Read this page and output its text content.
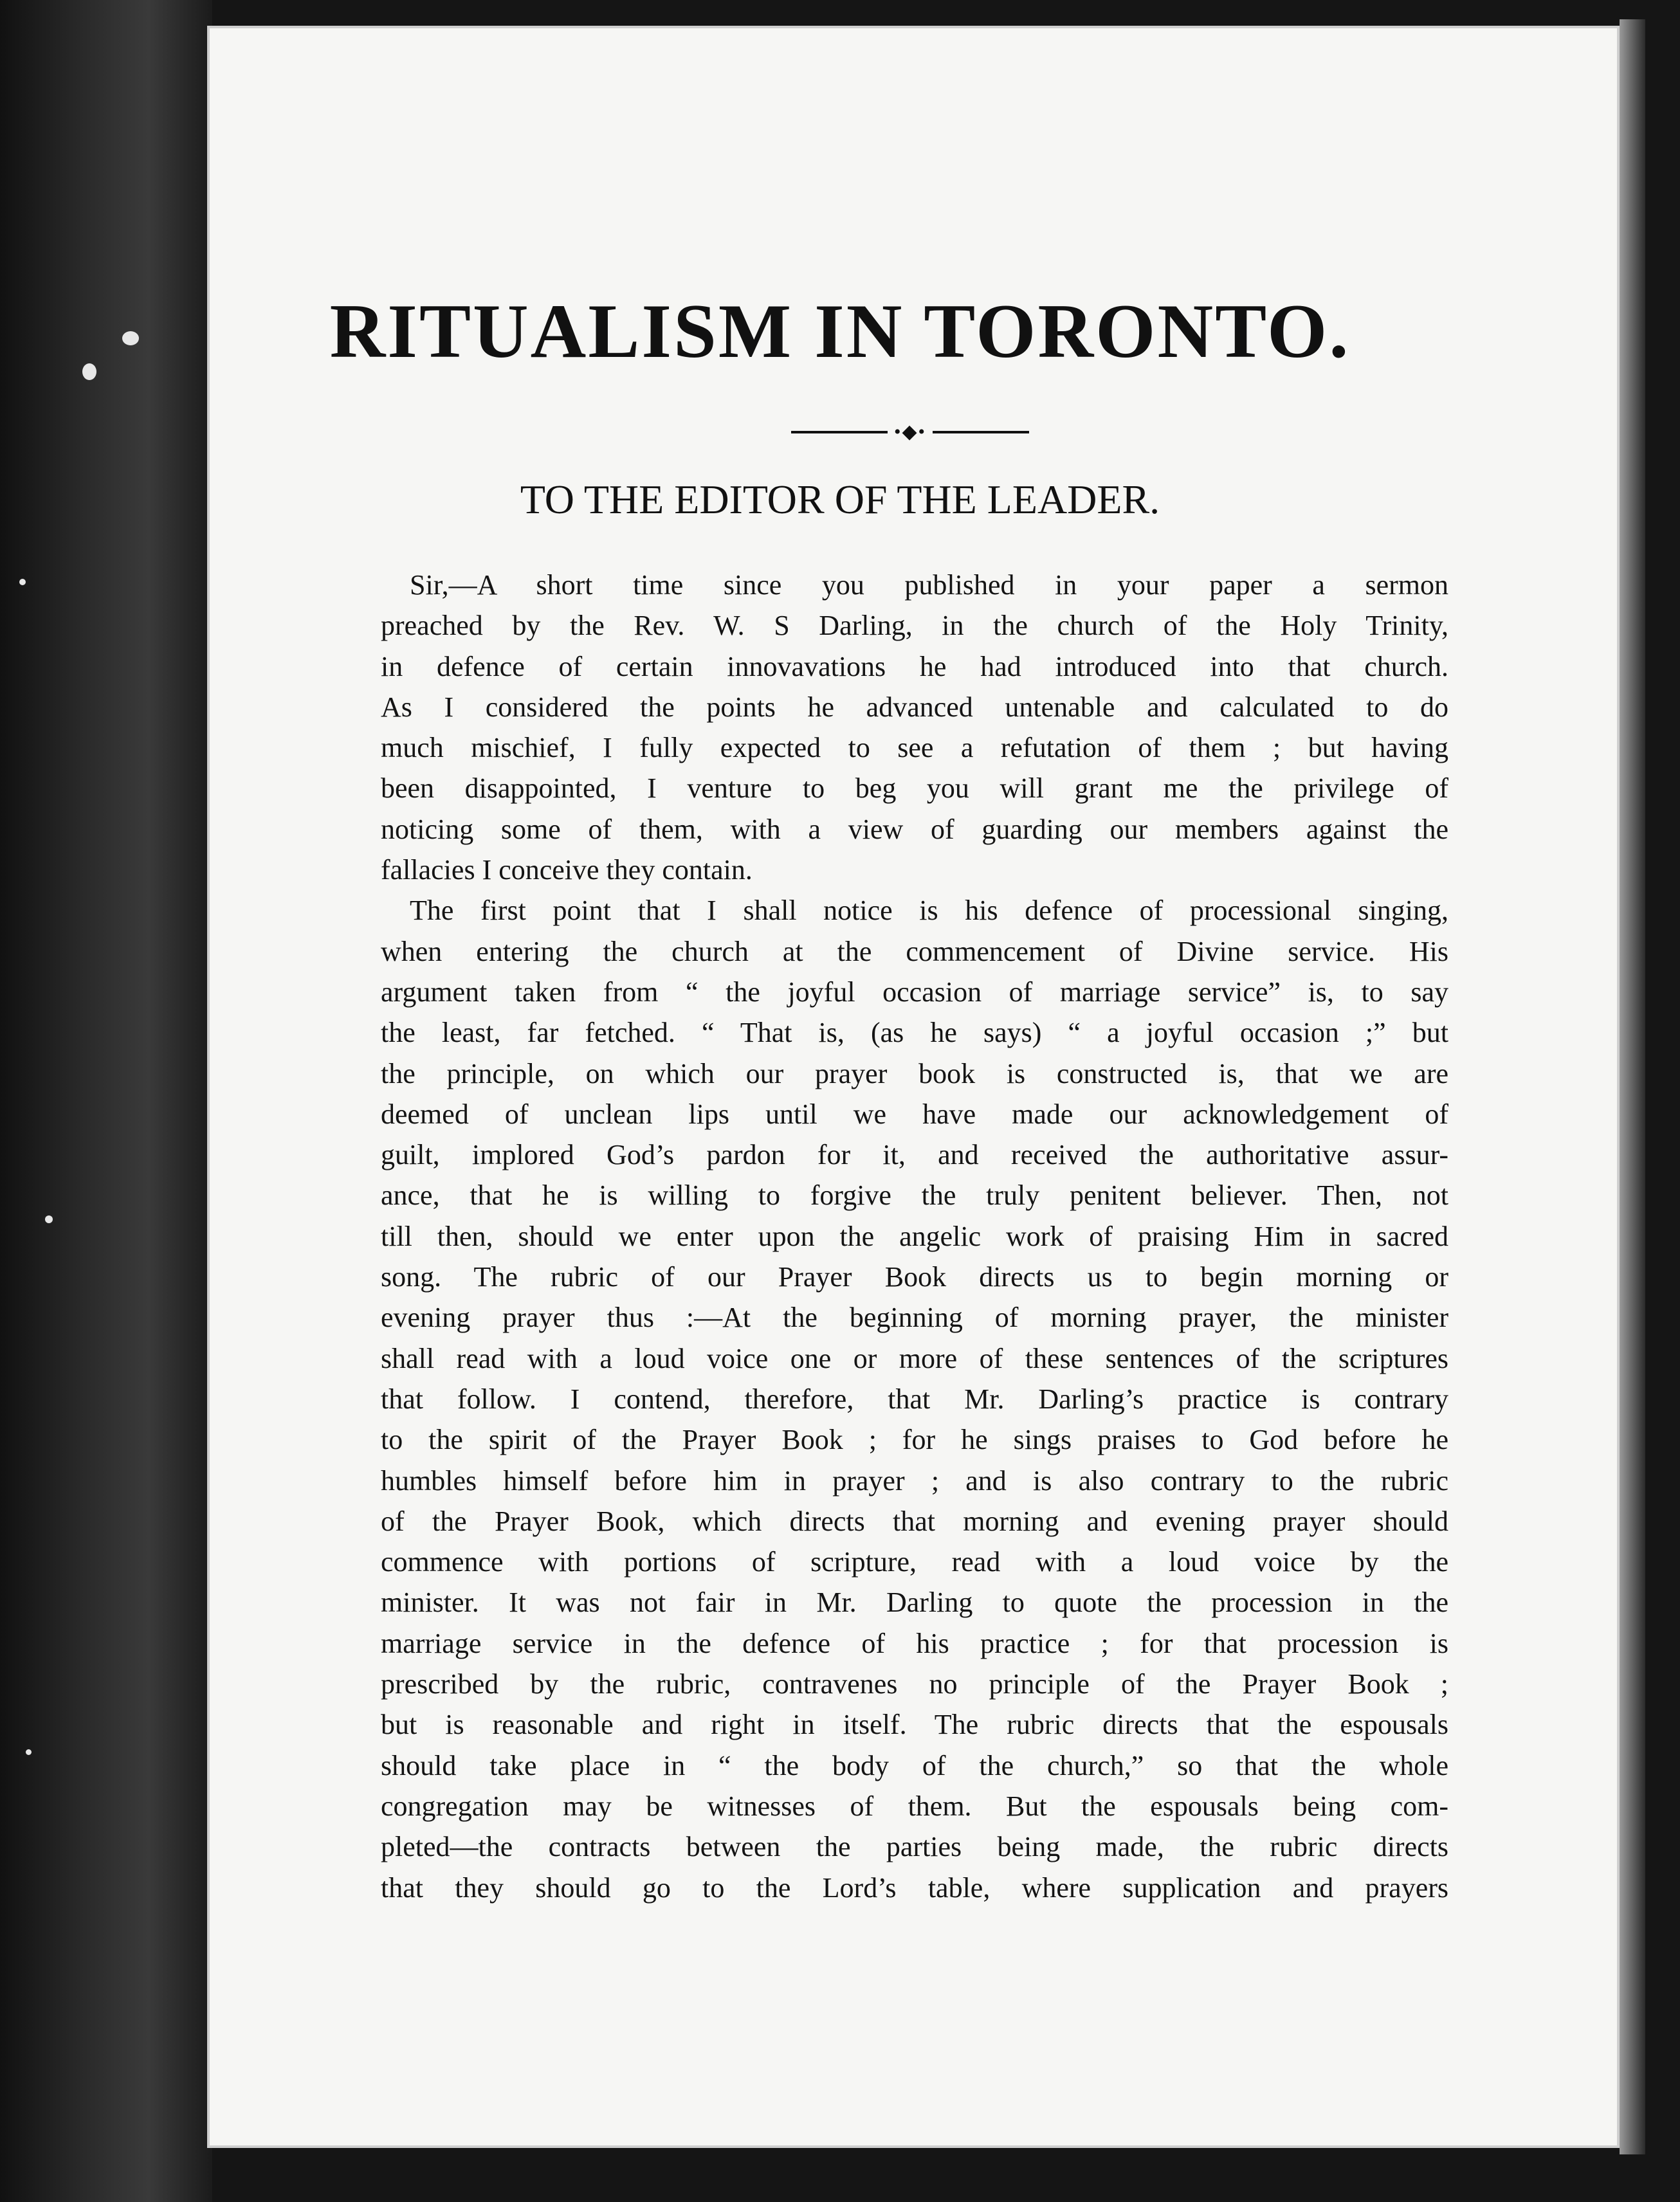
RITUALISM IN TORONTO.
•◆•
TO THE EDITOR OF THE LEADER.
Sir,—A short time since you published in your paper a sermon
preached by the Rev. W. S Darling, in the church of the Holy Trinity,
in defence of certain innovavations he had introduced into that church.
As I considered the points he advanced untenable and calculated to do
much mischief, I fully expected to see a refutation of them ; but having
been disappointed, I venture to beg you will grant me the privilege of
noticing some of them, with a view of guarding our members against the
fallacies I conceive they contain.
The first point that I shall notice is his defence of processional singing,
when entering the church at the commencement of Divine service. His
argument taken from “ the joyful occasion of marriage service” is, to say
the least, far fetched. “ That is, (as he says) “ a joyful occasion ;” but
the principle, on which our prayer book is constructed is, that we are
deemed of unclean lips until we have made our acknowledgement of
guilt, implored God’s pardon for it, and received the authoritative assur-
ance, that he is willing to forgive the truly penitent believer. Then, not
till then, should we enter upon the angelic work of praising Him in sacred
song. The rubric of our Prayer Book directs us to begin morning or
evening prayer thus :—At the beginning of morning prayer, the minister
shall read with a loud voice one or more of these sentences of the scriptures
that follow. I contend, therefore, that Mr. Darling’s practice is contrary
to the spirit of the Prayer Book ; for he sings praises to God before he
humbles himself before him in prayer ; and is also contrary to the rubric
of the Prayer Book, which directs that morning and evening prayer should
commence with portions of scripture, read with a loud voice by the
minister. It was not fair in Mr. Darling to quote the procession in the
marriage service in the defence of his practice ; for that procession is
prescribed by the rubric, contravenes no principle of the Prayer Book ;
but is reasonable and right in itself. The rubric directs that the espousals
should take place in “ the body of the church,” so that the whole
congregation may be witnesses of them. But the espousals being com-
pleted—the contracts between the parties being made, the rubric directs
that they should go to the Lord’s table, where supplication and prayers
